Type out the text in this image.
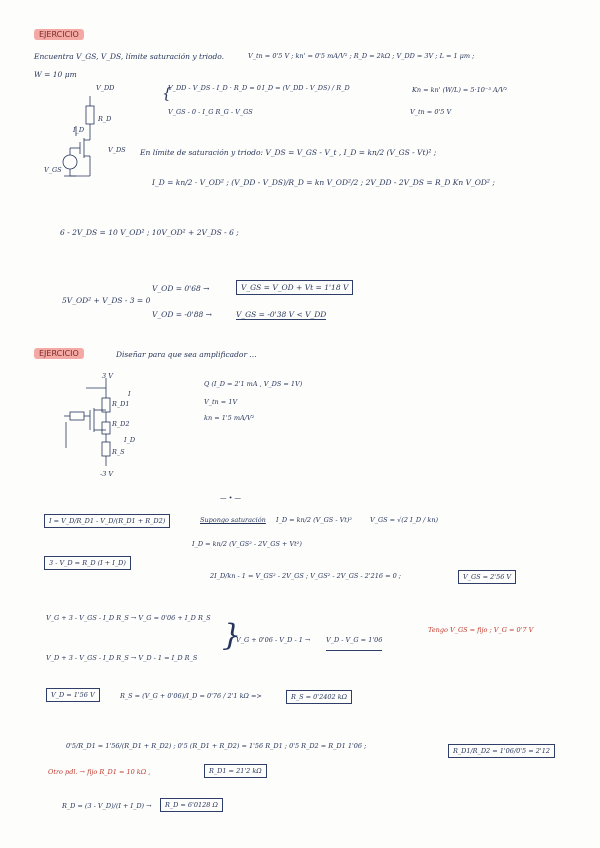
EJERCICIO
Encuentra V_GS, V_DS, límite saturación y triodo.	V_tn = 0'5 V ; kn' = 0'5 mA/V² ; R_D = 2kΩ ; V_DD = 3V ; L = 1 μm ;
W = 10 μm
{
V_DD - V_DS - I_D · R_D = 0
V_GS - 0 - I_G R_G - V_GS
I_D = (V_DD - V_DS) / R_D	Kn = kn' (W/L) = 5·10⁻³ A/V²
V_tn = 0'5 V
V_DD
I_D
R_D
V_DS
V_GS
En límite de saturación y triodo: V_DS = V_GS - V_t , I_D = kn/2 (V_GS - Vt)² ;
I_D = kn/2 · V_OD² ; (V_DD - V_DS)/R_D = kn V_OD²/2 ; 2V_DD - 2V_DS = R_D Kn V_OD² ;
6 - 2V_DS = 10 V_OD² ; 10V_OD² + 2V_DS - 6 ;
5V_OD² + V_DS - 3 = 0
V_OD = 0'68 →	V_GS = V_OD + Vt = 1'18 V
V_OD = -0'88 →	V_GS = -0'38 V < V_DD
EJERCICIO	Diseñar para que sea amplificador ...
3 V
R_D1
R_D2
R_S
I
I_D
-3 V
Q (I_D = 2'1 mA , V_DS = 1V)
V_tn = 1V
kn = 1'5 mA/V²
— • —
I = V_D/R_D1 - V_D/(R_D1 + R_D2)
3 - V_D = R_D (I + I_D)
Supongo saturación I_D = kn/2 (V_GS - Vt)²	V_GS = √(2 I_D / kn)
I_D = kn/2 (V_GS² - 2V_GS + Vt²)
2I_D/kn - 1 = V_GS² - 2V_GS ; V_GS² - 2V_GS - 2'216 = 0 ;	V_GS = 2'56 V
V_G + 3 - V_GS - I_D R_S → V_G = 0'06 + I_D R_S
V_D + 3 - V_GS - I_D R_S → V_D - 1 = I_D R_S
}
V_G + 0'06 - V_D - 1 → V_D - V_G = 1'06
Tengo V_GS = fijo ; V_G = 0'7 V
V_D = 1'56 V	R_S = (V_G + 0'06)/I_D = 0'76 / 2'1 kΩ =>	R_S = 0'2402 kΩ
0'5/R_D1 = 1'56/(R_D1 + R_D2) ; 0'5 (R_D1 + R_D2) = 1'56 R_D1 ; 0'5 R_D2 = R_D1 1'06 ;
R_D1/R_D2 = 1'06/0'5 = 2'12
Otro pdl. → fijo R_D1 = 10 kΩ ,	R_D1 = 21'2 kΩ
R_D = (3 - V_D)/(I + I_D) →	R_D = 6'0128 Ω
